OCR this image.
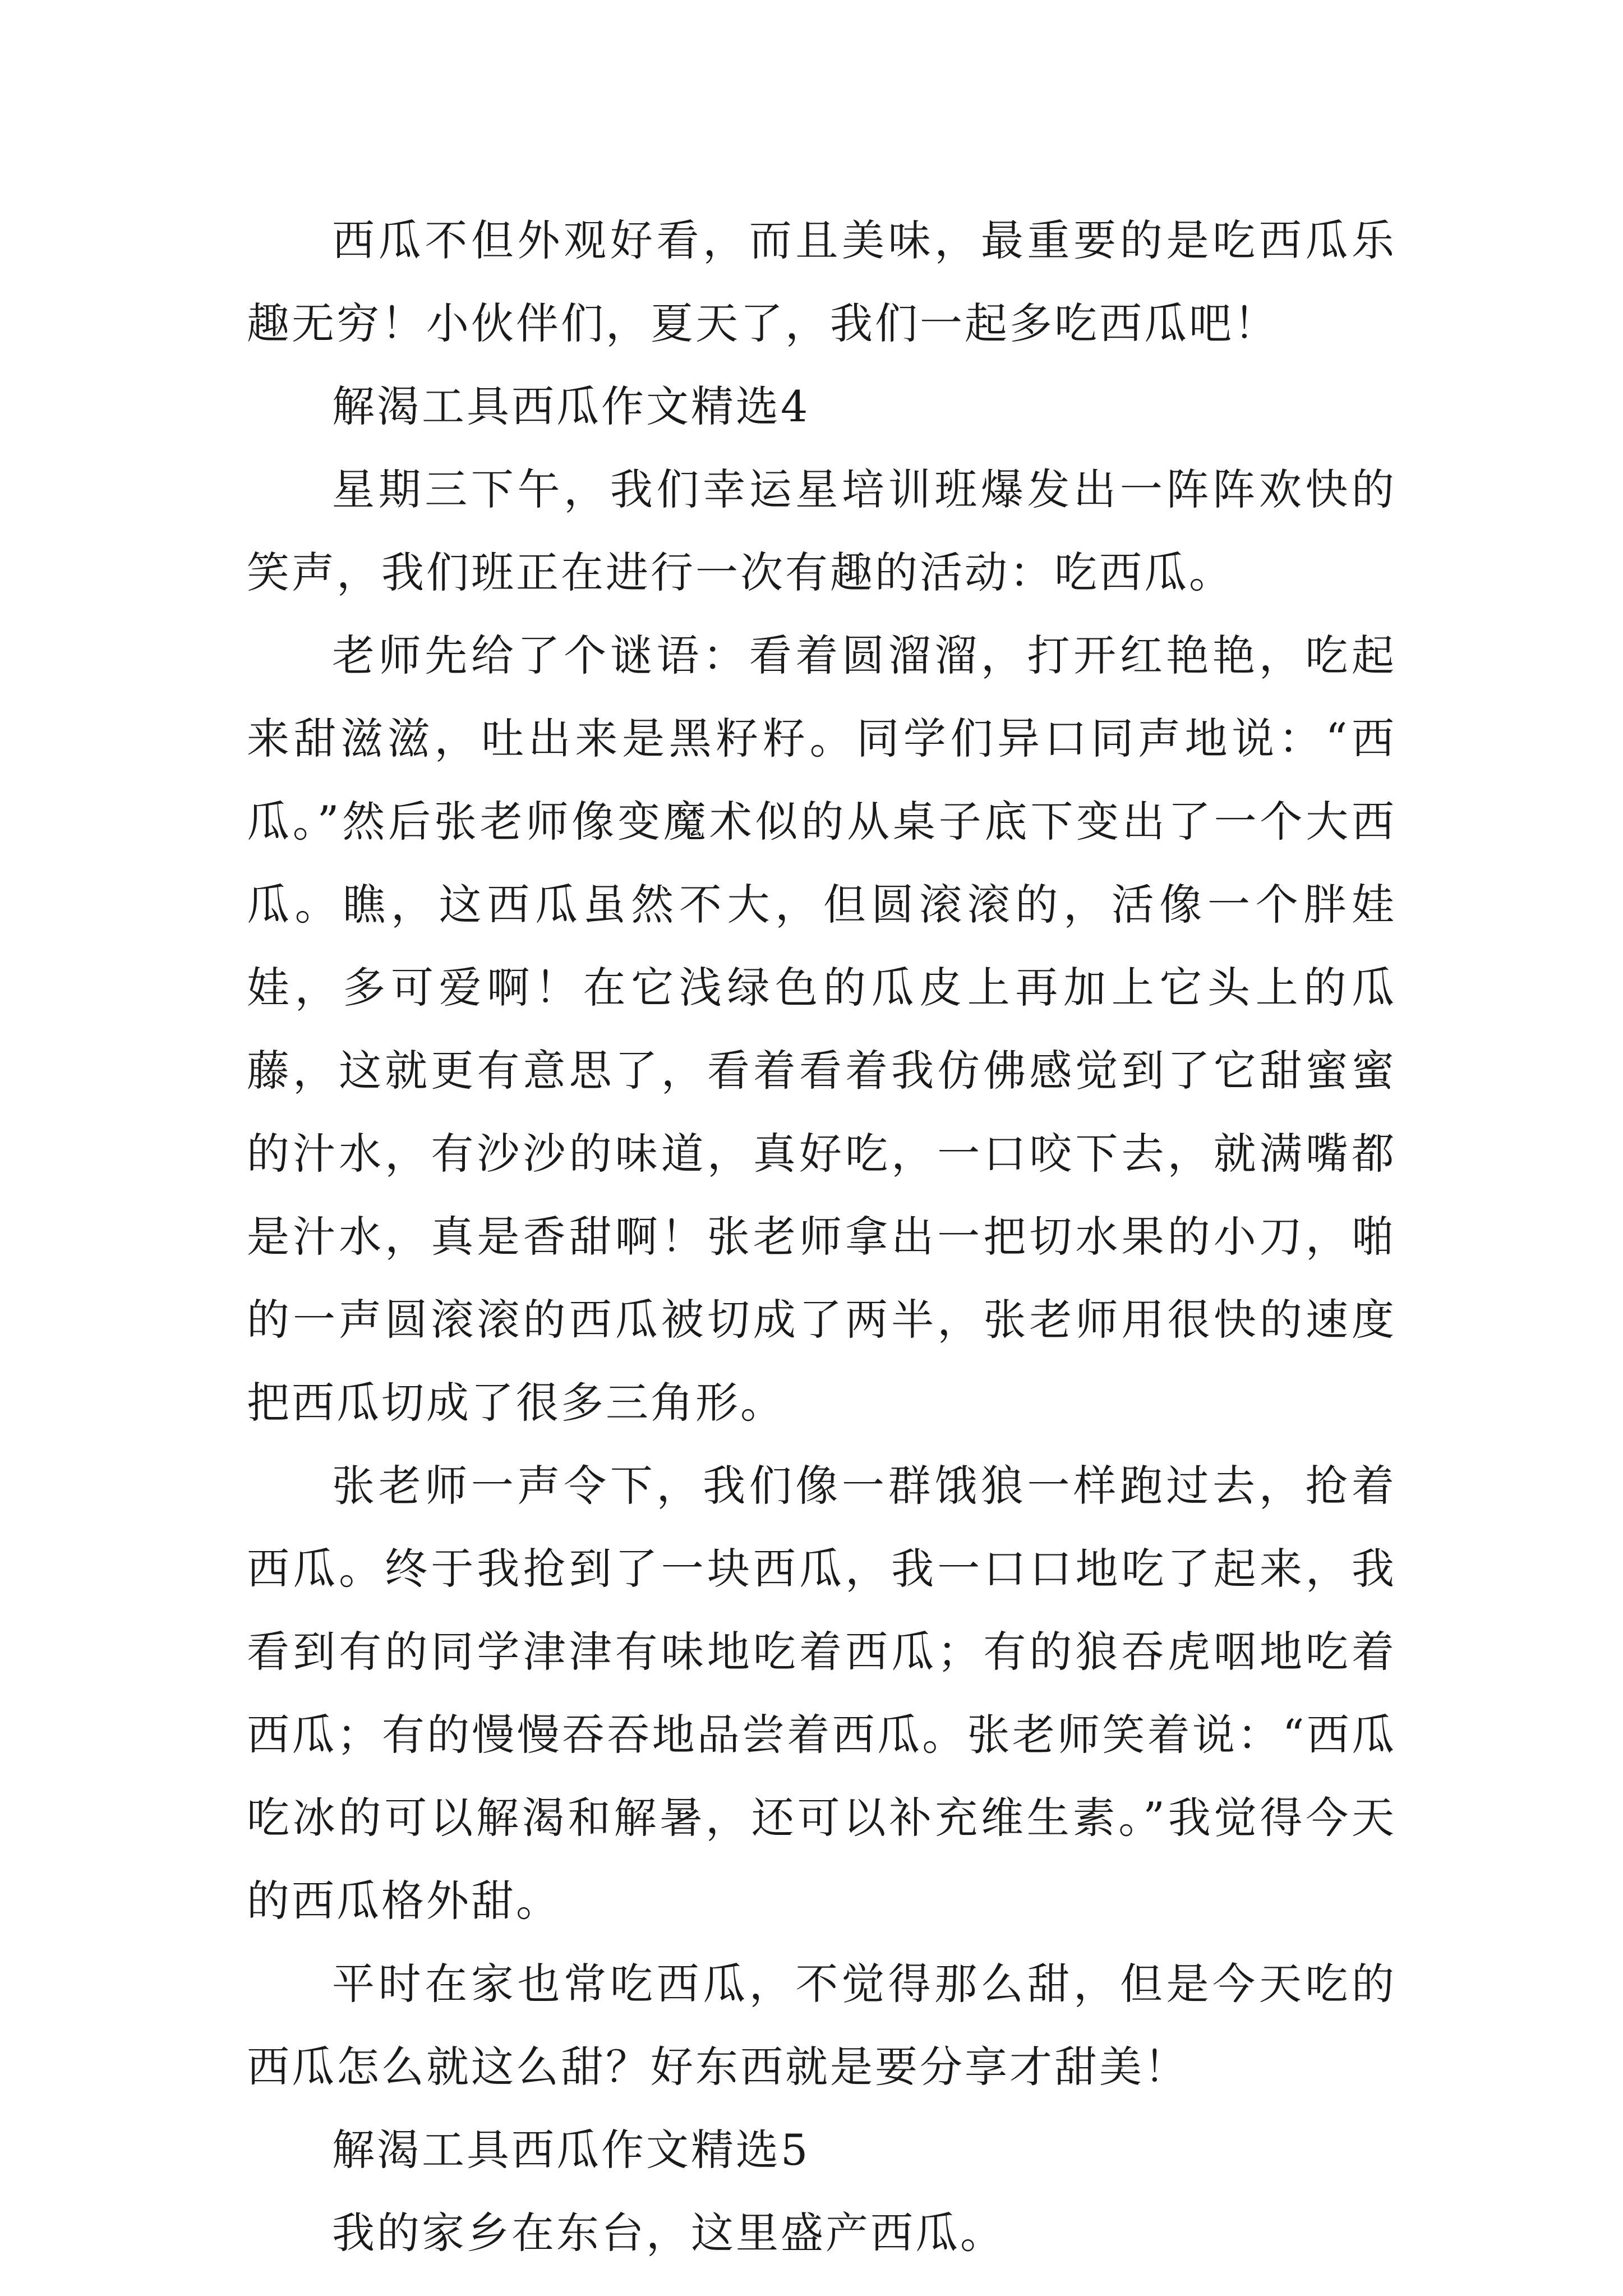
西瓜不但外观好看，而且美味，最重要的是吃西瓜乐趣无穷！小伙伴们，夏天了，我们一起多吃西瓜吧！

解渴工具西瓜作文精选4

星期三下午，我们幸运星培训班爆发出一阵阵欢快的笑声，我们班正在进行一次有趣的活动：吃西瓜。

老师先给了个谜语：看着圆溜溜，打开红艳艳，吃起来甜滋滋，吐出来是黑籽籽。同学们异口同声地说：“西瓜。”然后张老师像变魔术似的从桌子底下变出了一个大西瓜。瞧，这西瓜虽然不大，但圆滚滚的，活像一个胖娃娃，多可爱啊！在它浅绿色的瓜皮上再加上它头上的瓜藤，这就更有意思了，看着看着我仿佛感觉到了它甜蜜蜜的汁水，有沙沙的味道，真好吃，一口咬下去，就满嘴都是汁水，真是香甜啊！张老师拿出一把切水果的小刀，啪的一声圆滚滚的西瓜被切成了两半，张老师用很快的速度把西瓜切成了很多三角形。

张老师一声令下，我们像一群饿狼一样跑过去，抢着西瓜。终于我抢到了一块西瓜，我一口口地吃了起来，我看到有的同学津津有味地吃着西瓜；有的狼吞虎咽地吃着西瓜；有的慢慢吞吞地品尝着西瓜。张老师笑着说：“西瓜吃冰的可以解渴和解暑，还可以补充维生素。”我觉得今天的西瓜格外甜。

平时在家也常吃西瓜，不觉得那么甜，但是今天吃的西瓜怎么就这么甜？好东西就是要分享才甜美！

解渴工具西瓜作文精选5

我的家乡在东台，这里盛产西瓜。
